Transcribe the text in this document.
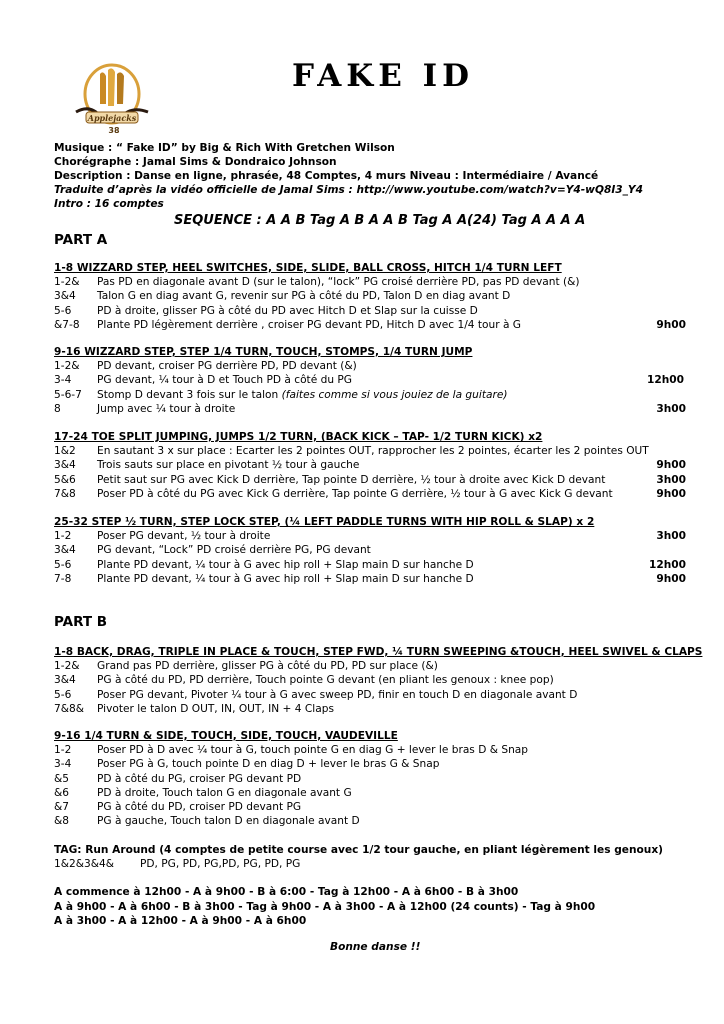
Applejacks
38
FAKE ID
Musique : “ Fake ID” by Big & Rich With Gretchen Wilson
Chorégraphe : Jamal Sims & Dondraico Johnson
Description : Danse en ligne, phrasée, 48 Comptes, 4 murs Niveau : Intermédiaire / Avancé
Traduite d’après la vidéo officielle de Jamal Sims : http://www.youtube.com/watch?v=Y4-wQ8I3_Y4
Intro : 16 comptes
SEQUENCE : A A B Tag A B A A B Tag A A(24) Tag A A A A
PART A
1-8 WIZZARD STEP, HEEL SWITCHES, SIDE, SLIDE, BALL CROSS, HITCH 1/4 TURN LEFT
1-2& Pas PD en diagonale avant D (sur le talon), “lock” PG croisé derrière PD, pas PD devant (&)
3&4 Talon G en diag avant G, revenir sur PG à côté du PD, Talon D en diag avant D
5-6 PD à droite, glisser PG à côté du PD avec Hitch D et Slap sur la cuisse D
&7-8 Plante PD légèrement derrière , croiser PG devant PD, Hitch D avec 1/4 tour à G	9h00
9-16 WIZZARD STEP, STEP 1/4 TURN, TOUCH, STOMPS, 1/4 TURN JUMP
1-2& PD devant, croiser PG derrière PD, PD devant (&)
3-4 PG devant, ¼ tour à D et Touch PD à côté du PG	12h00
5-6-7 Stomp D devant 3 fois sur le talon (faites comme si vous jouiez de la guitare)
8	Jump avec ¼ tour à droite	3h00
17-24 TOE SPLIT JUMPING, JUMPS 1/2 TURN, (BACK KICK – TAP- 1/2 TURN KICK) x2
1&2 En sautant 3 x sur place : Ecarter les 2 pointes OUT, rapprocher les 2 pointes, écarter les 2 pointes OUT
3&4 Trois sauts sur place en pivotant ½ tour à gauche	9h00
5&6 Petit saut sur PG avec Kick D derrière, Tap pointe D derrière, ½ tour à droite avec Kick D devant	3h00
7&8 Poser PD à côté du PG avec Kick G derrière, Tap pointe G derrière, ½ tour à G avec Kick G devant	9h00
25-32 STEP ½ TURN, STEP LOCK STEP, (¼ LEFT PADDLE TURNS WITH HIP ROLL & SLAP) x 2
1-2 Poser PG devant, ½ tour à droite	3h00
3&4 PG devant, “Lock” PD croisé derrière PG, PG devant
5-6 Plante PD devant, ¼ tour à G avec hip roll + Slap main D sur hanche D	12h00
7-8 Plante PD devant, ¼ tour à G avec hip roll + Slap main D sur hanche D	9h00
PART B
1-8 BACK, DRAG, TRIPLE IN PLACE & TOUCH, STEP FWD, ¼ TURN SWEEPING &TOUCH, HEEL SWIVEL & CLAPS
1-2& Grand pas PD derrière, glisser PG à côté du PD, PD sur place (&)
3&4 PG à côté du PD, PD derrière, Touch pointe G devant (en pliant les genoux : knee pop)
5-6 Poser PG devant, Pivoter ¼ tour à G avec sweep PD, finir en touch D en diagonale avant D
7&8& Pivoter le talon D OUT, IN, OUT, IN + 4 Claps
9-16 1/4 TURN & SIDE, TOUCH, SIDE, TOUCH, VAUDEVILLE
1-2 Poser PD à D avec ¼ tour à G, touch pointe G en diag G + lever le bras D & Snap
3-4 Poser PG à G, touch pointe D en diag D + lever le bras G & Snap
&5	PD à côté du PG, croiser PG devant PD
&6	PD à droite, Touch talon G en diagonale avant G
&7	PG à côté du PD, croiser PD devant PG
&8	PG à gauche, Touch talon D en diagonale avant D
TAG: Run Around (4 comptes de petite course avec 1/2 tour gauche, en pliant légèrement les genoux)
1&2&3&4& PD, PG, PD, PG,PD, PG, PD, PG
A commence à 12h00 - A à 9h00 - B à 6:00 - Tag à 12h00 - A à 6h00 - B à 3h00
A à 9h00 - A à 6h00 - B à 3h00 - Tag à 9h00 - A à 3h00 - A à 12h00 (24 counts) - Tag à 9h00
A à 3h00 - A à 12h00 - A à 9h00 - A à 6h00
Bonne danse !!
